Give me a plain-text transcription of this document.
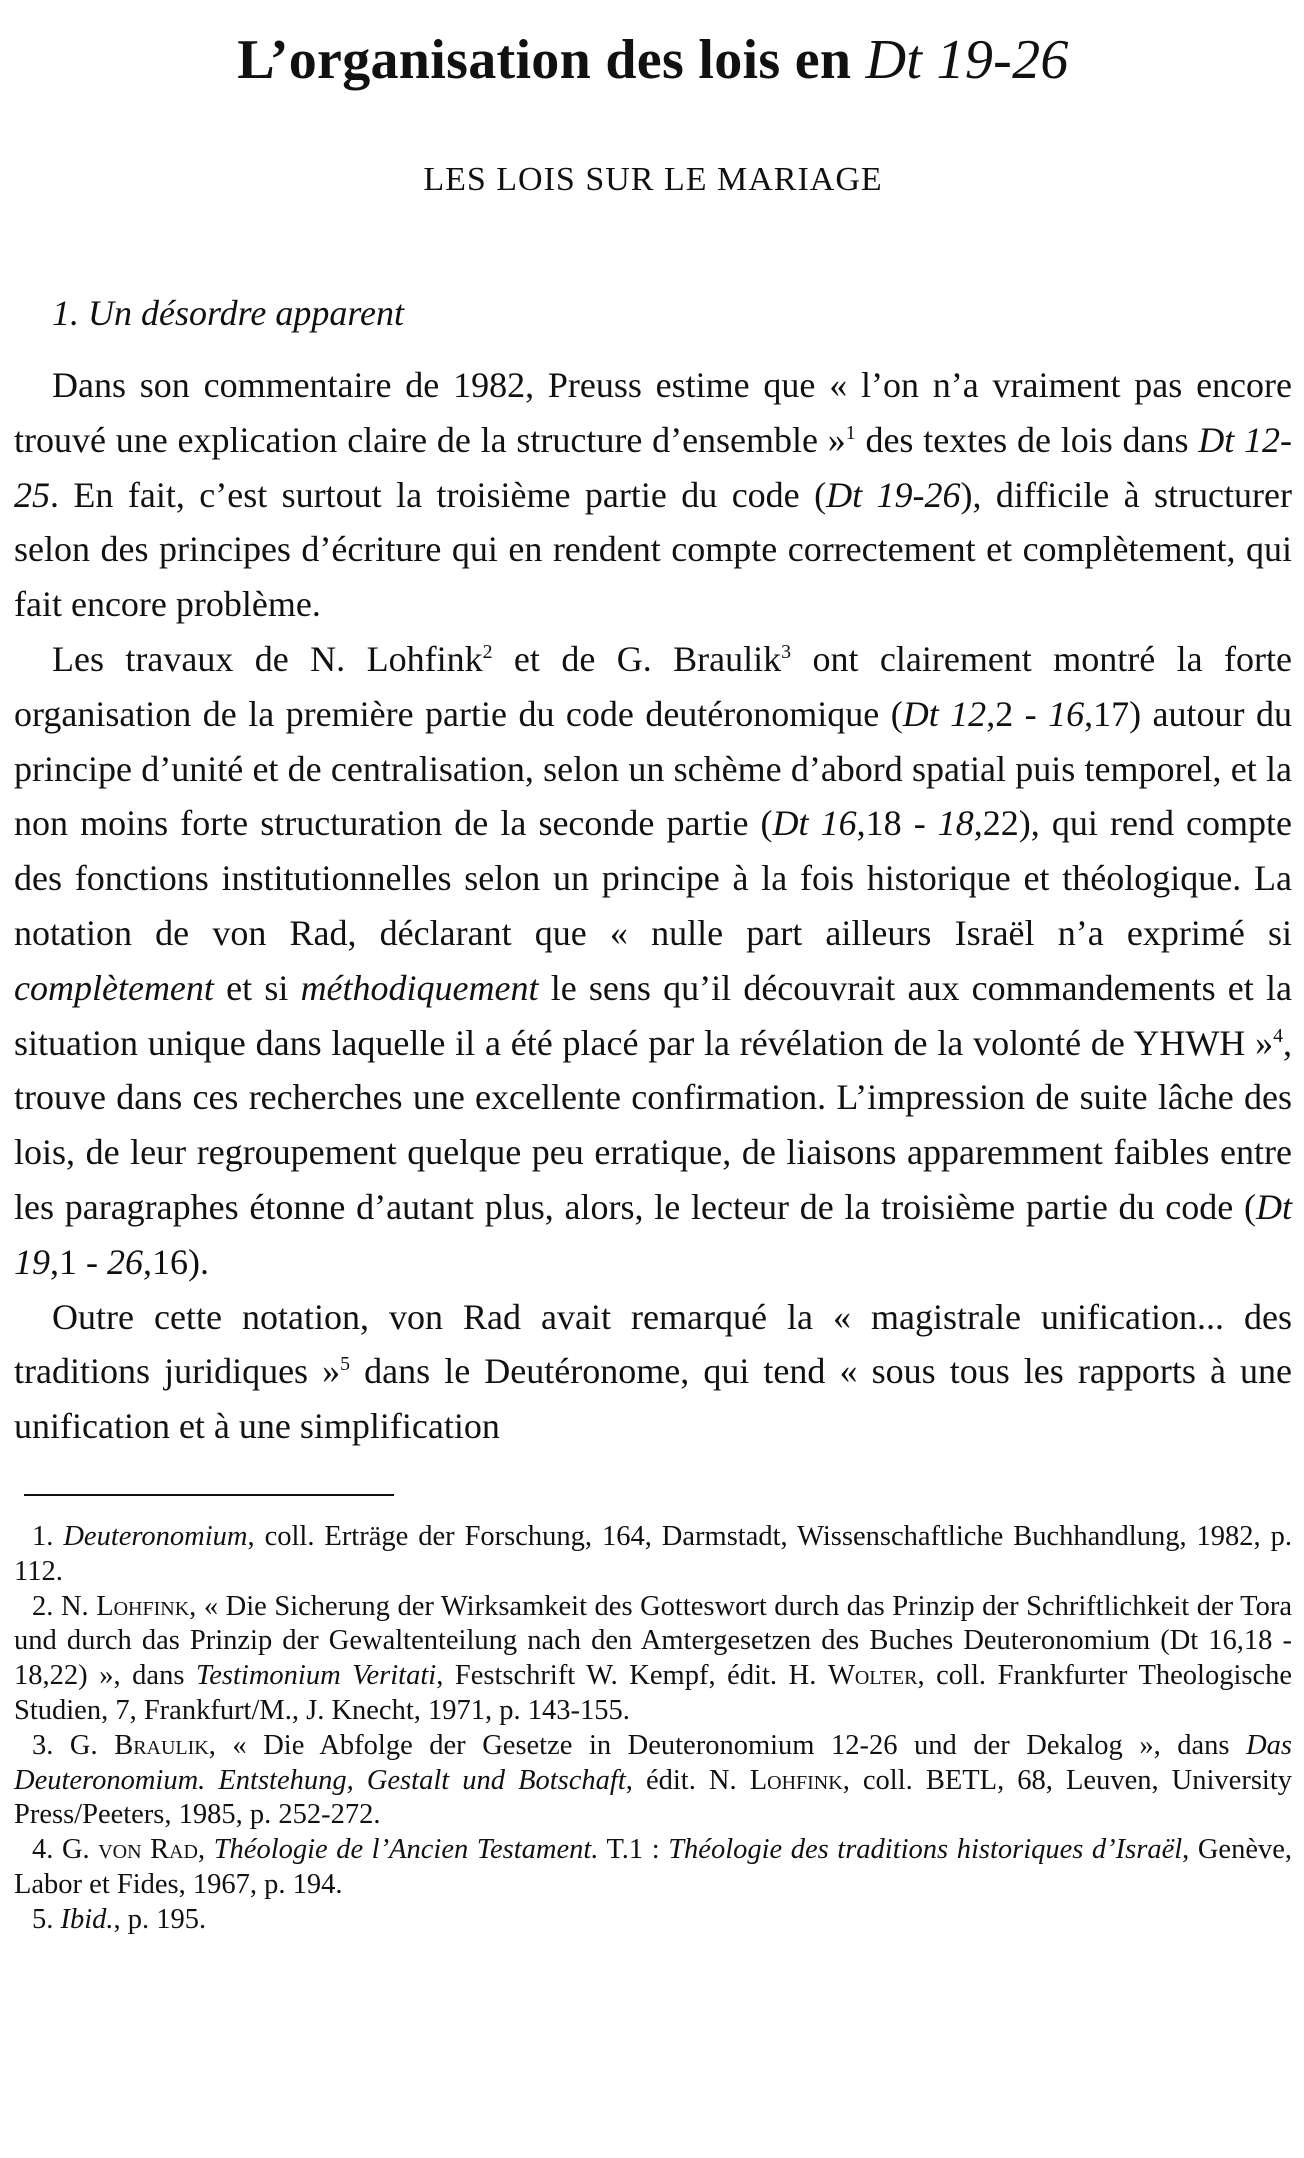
L’organisation des lois en Dt 19-26
LES LOIS SUR LE MARIAGE
1. Un désordre apparent

Dans son commentaire de 1982, Preuss estime que « l’on n’a vraiment pas encore trouvé une explication claire de la structure d’ensemble »$^1$ des textes de lois dans Dt 12-25. En fait, c’est surtout la troisième partie du code (Dt 19-26), difficile à structurer selon des principes d’écriture qui en rendent compte correctement et complètement, qui fait encore problème.

Les travaux de N. Lohfink$^2$ et de G. Braulik$^3$ ont clairement montré la forte organisation de la première partie du code deutéronomique (Dt 12,2 - 16,17) autour du principe d’unité et de centralisation, selon un schème d’abord spatial puis temporel, et la non moins forte structuration de la seconde partie (Dt 16,18 - 18,22), qui rend compte des fonctions institutionnelles selon un principe à la fois historique et théologique. La notation de von Rad, déclarant que « nulle part ailleurs Israël n’a exprimé si complètement et si méthodiquement le sens qu’il découvrait aux commandements et la situation unique dans laquelle il a été placé par la révélation de la volonté de YHWH »$^4$, trouve dans ces recherches une excellente confirmation. L’impression de suite lâche des lois, de leur regroupement quelque peu erratique, de liaisons apparemment faibles entre les paragraphes étonne d’autant plus, alors, le lecteur de la troisième partie du code (Dt 19,1 - 26,16).

Outre cette notation, von Rad avait remarqué la « magistrale unification... des traditions juridiques »$^5$ dans le Deutéronome, qui tend « sous tous les rapports à une unification et à une simplification

1. Deuteronomium, coll. Erträge der Forschung, 164, Darmstadt, Wissenschaftliche Buchhandlung, 1982, p. 112.

2. N. Lohfink, « Die Sicherung der Wirksamkeit des Gotteswort durch das Prinzip der Schriftlichkeit der Tora und durch das Prinzip der Gewaltenteilung nach den Amtergesetzen des Buches Deuteronomium (Dt 16,18 - 18,22) », dans Testimonium Veritati, Festschrift W. Kempf, édit. H. Wolter, coll. Frankfurter Theologische Studien, 7, Frankfurt/M., J. Knecht, 1971, p. 143-155.

3. G. Braulik, « Die Abfolge der Gesetze in Deuteronomium 12-26 und der Dekalog », dans Das Deuteronomium. Entstehung, Gestalt und Botschaft, édit. N. Lohfink, coll. BETL, 68, Leuven, University Press/Peeters, 1985, p. 252-272.

4. G. von Rad, Théologie de l’Ancien Testament. T.1 : Théologie des traditions historiques d’Israël, Genève, Labor et Fides, 1967, p. 194.

5. Ibid., p. 195.
